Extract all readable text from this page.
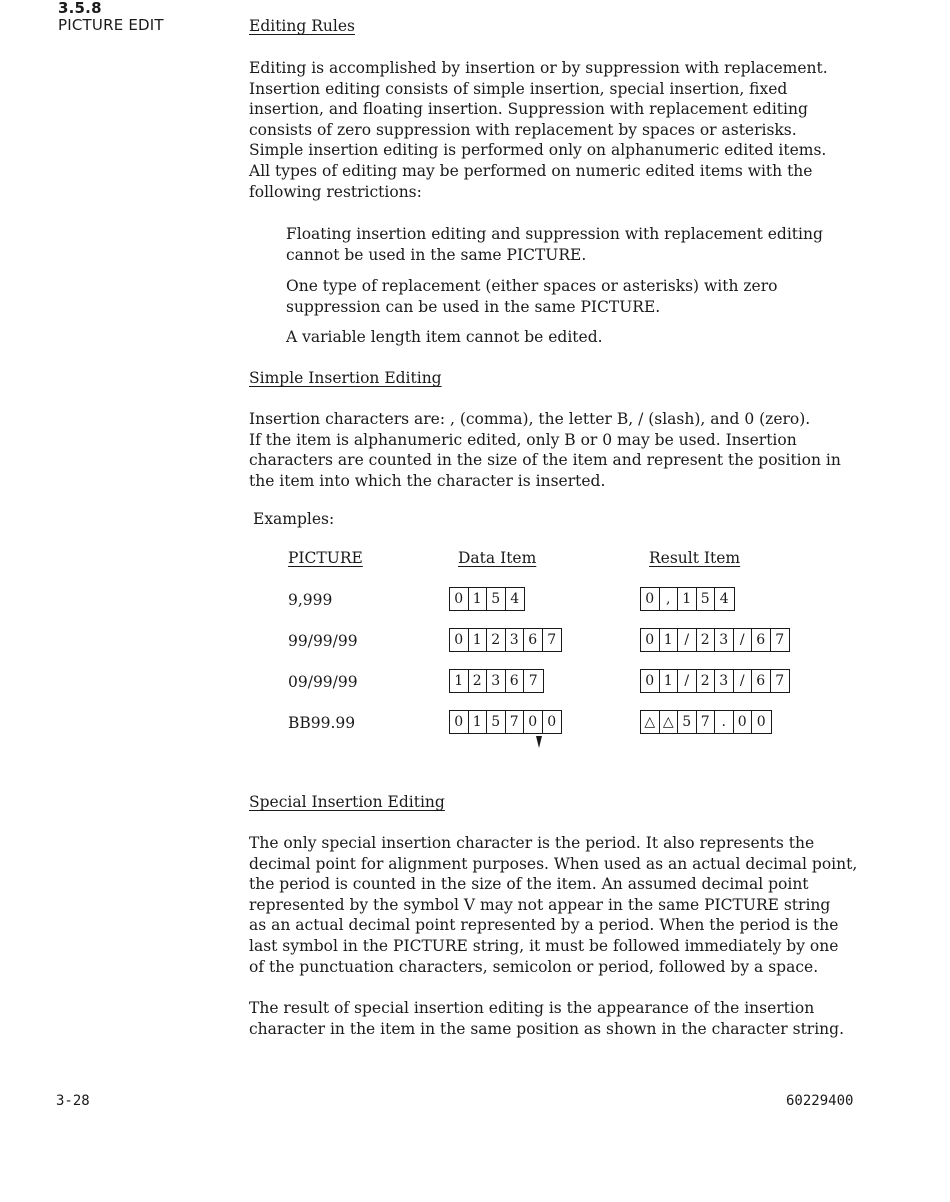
3.5.8
PICTURE EDIT	Editing Rules
Editing is accomplished by insertion or by suppression with replacement.
Insertion editing consists of simple insertion, special insertion, fixed
insertion, and floating insertion. Suppression with replacement editing
consists of zero suppression with replacement by spaces or asterisks.
Simple insertion editing is performed only on alphanumeric edited items.
All types of editing may be performed on numeric edited items with the
following restrictions:
Floating insertion editing and suppression with replacement editing
cannot be used in the same PICTURE.
One type of replacement (either spaces or asterisks) with zero
suppression can be used in the same PICTURE.
A variable length item cannot be edited.
Simple Insertion Editing
Insertion characters are: , (comma), the letter B, / (slash), and 0 (zero).
If the item is alphanumeric edited, only B or 0 may be used. Insertion
characters are counted in the size of the item and represent the position in
the item into which the character is inserted.
Examples:
PICTURE	Data Item	Result Item
9,999	0 1 5 4	0 , 1 5 4
99/99/99	0 1 2 3 6 7	0 1 / 2 3 / 6 7
09/99/99	1 2 3 6 7	0 1 / 2 3 / 6 7
BB99.99	0 1 5 7 0 0	△ △ 5 7 . 0 0
Special Insertion Editing
The only special insertion character is the period. It also represents the
decimal point for alignment purposes. When used as an actual decimal point,
the period is counted in the size of the item. An assumed decimal point
represented by the symbol V may not appear in the same PICTURE string
as an actual decimal point represented by a period. When the period is the
last symbol in the PICTURE string, it must be followed immediately by one
of the punctuation characters, semicolon or period, followed by a space.
The result of special insertion editing is the appearance of the insertion
character in the item in the same position as shown in the character string.
3-28	60229400
